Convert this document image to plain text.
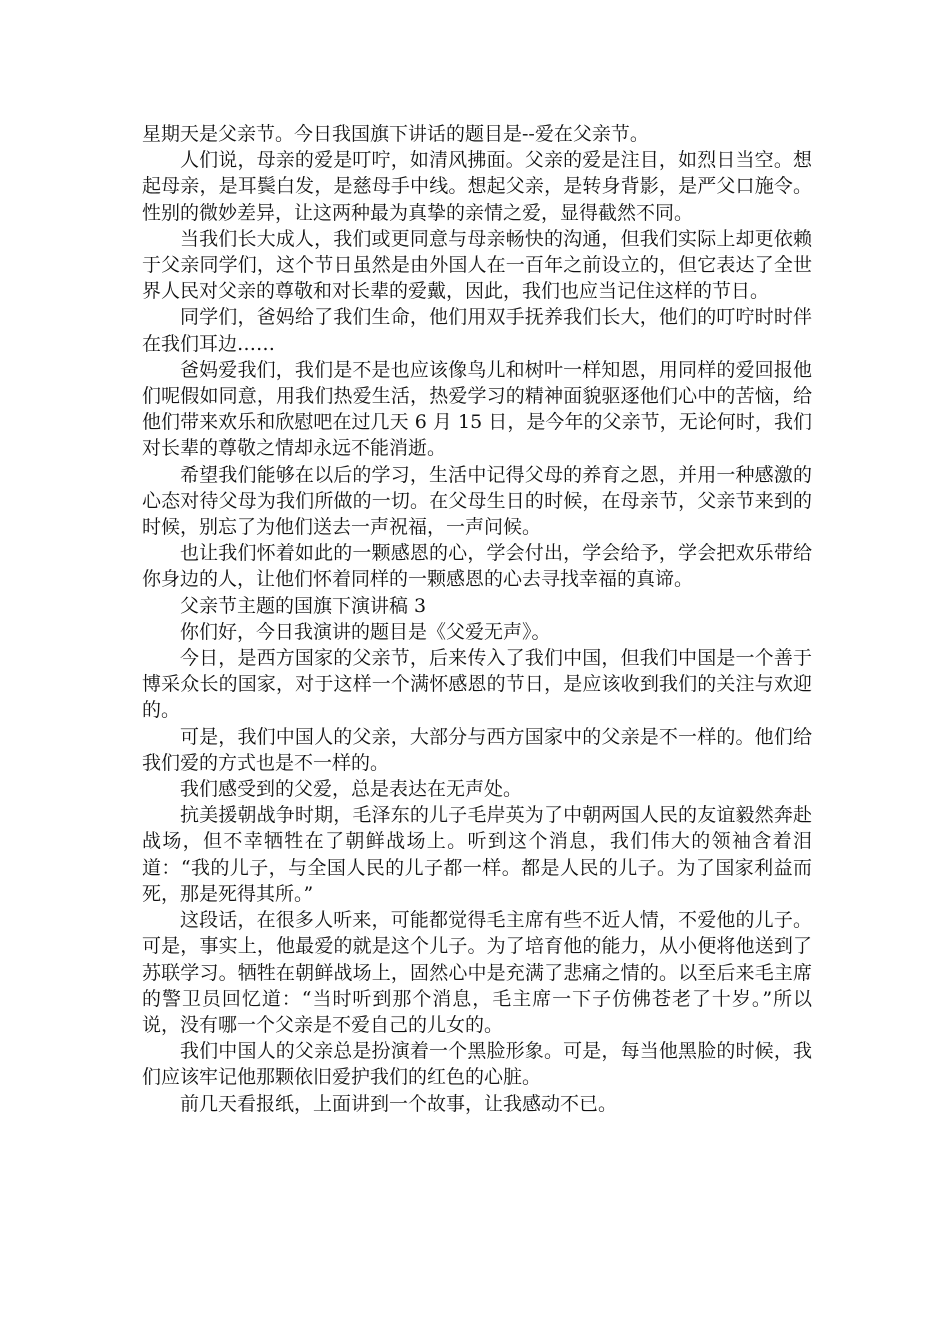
星期天是父亲节。今日我国旗下讲话的题目是--爱在父亲节。

人们说，母亲的爱是叮咛，如清风拂面。父亲的爱是注目，如烈日当空。想起母亲，是耳鬓白发，是慈母手中线。想起父亲，是转身背影，是严父口施令。性别的微妙差异，让这两种最为真挚的亲情之爱，显得截然不同。

当我们长大成人，我们或更同意与母亲畅快的沟通，但我们实际上却更依赖于父亲同学们，这个节日虽然是由外国人在一百年之前设立的，但它表达了全世界人民对父亲的尊敬和对长辈的爱戴，因此，我们也应当记住这样的节日。

同学们，爸妈给了我们生命，他们用双手抚养我们长大，他们的叮咛时时伴在我们耳边……

爸妈爱我们，我们是不是也应该像鸟儿和树叶一样知恩，用同样的爱回报他们呢假如同意，用我们热爱生活，热爱学习的精神面貌驱逐他们心中的苦恼，给他们带来欢乐和欣慰吧在过几天 6 月 15 日，是今年的父亲节，无论何时，我们对长辈的尊敬之情却永远不能消逝。

希望我们能够在以后的学习，生活中记得父母的养育之恩，并用一种感激的心态对待父母为我们所做的一切。在父母生日的时候，在母亲节，父亲节来到的时候，别忘了为他们送去一声祝福，一声问候。

也让我们怀着如此的一颗感恩的心，学会付出，学会给予，学会把欢乐带给你身边的人，让他们怀着同样的一颗感恩的心去寻找幸福的真谛。

父亲节主题的国旗下演讲稿 3

你们好，今日我演讲的题目是《父爱无声》。

今日，是西方国家的父亲节，后来传入了我们中国，但我们中国是一个善于博采众长的国家，对于这样一个满怀感恩的节日，是应该收到我们的关注与欢迎的。

可是，我们中国人的父亲，大部分与西方国家中的父亲是不一样的。他们给我们爱的方式也是不一样的。

我们感受到的父爱，总是表达在无声处。

抗美援朝战争时期，毛泽东的儿子毛岸英为了中朝两国人民的友谊毅然奔赴战场，但不幸牺牲在了朝鲜战场上。听到这个消息，我们伟大的领袖含着泪道：“我的儿子，与全国人民的儿子都一样。都是人民的儿子。为了国家利益而死，那是死得其所。”

这段话，在很多人听来，可能都觉得毛主席有些不近人情，不爱他的儿子。可是，事实上，他最爱的就是这个儿子。为了培育他的能力，从小便将他送到了苏联学习。牺牲在朝鲜战场上，固然心中是充满了悲痛之情的。以至后来毛主席的警卫员回忆道：“当时听到那个消息，毛主席一下子仿佛苍老了十岁。”所以说，没有哪一个父亲是不爱自己的儿女的。

我们中国人的父亲总是扮演着一个黑脸形象。可是，每当他黑脸的时候，我们应该牢记他那颗依旧爱护我们的红色的心脏。

前几天看报纸，上面讲到一个故事，让我感动不已。
